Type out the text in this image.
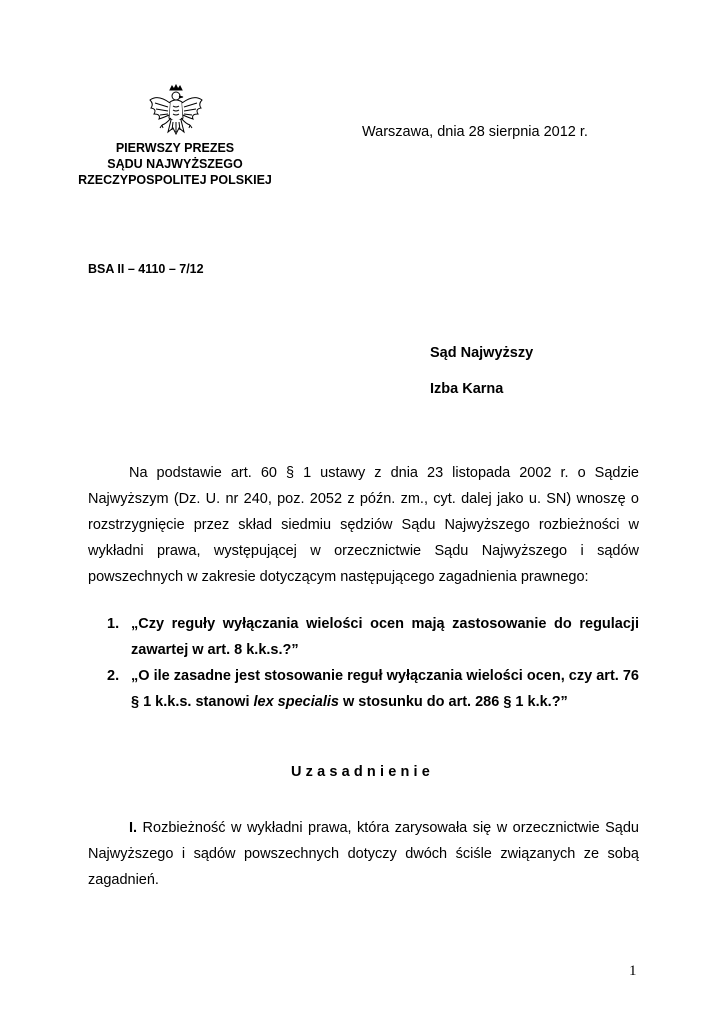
PIERWSZY PREZES
SĄDU NAJWYŻSZEGO
RZECZYPOSPOLITEJ POLSKIEJ
Warszawa, dnia 28 sierpnia 2012 r.
BSA II – 4110 – 7/12
Sąd Najwyższy
Izba Karna

Na podstawie art. 60 § 1 ustawy z dnia 23 listopada 2002 r. o Sądzie Najwyższym (Dz. U. nr 240, poz. 2052 z późn. zm., cyt. dalej jako u. SN) wnoszę o rozstrzygnięcie przez skład siedmiu sędziów Sądu Najwyższego rozbieżności w wykładni prawa, występującej w orzecznictwie Sądu Najwyższego i sądów powszechnych w zakresie dotyczącym następującego zagadnienia prawnego:

1. „Czy reguły wyłączania wielości ocen mają zastosowanie do regulacji zawartej w art. 8 k.k.s.?”
2. „O ile zasadne jest stosowanie reguł wyłączania wielości ocen, czy art. 76 § 1 k.k.s. stanowi lex specialis w stosunku do art. 286 § 1 k.k.?”
Uzasadnienie

I. Rozbieżność w wykładni prawa, która zarysowała się w orzecznictwie Sądu Najwyższego i sądów powszechnych dotyczy dwóch ściśle związanych ze sobą zagadnień.

1
